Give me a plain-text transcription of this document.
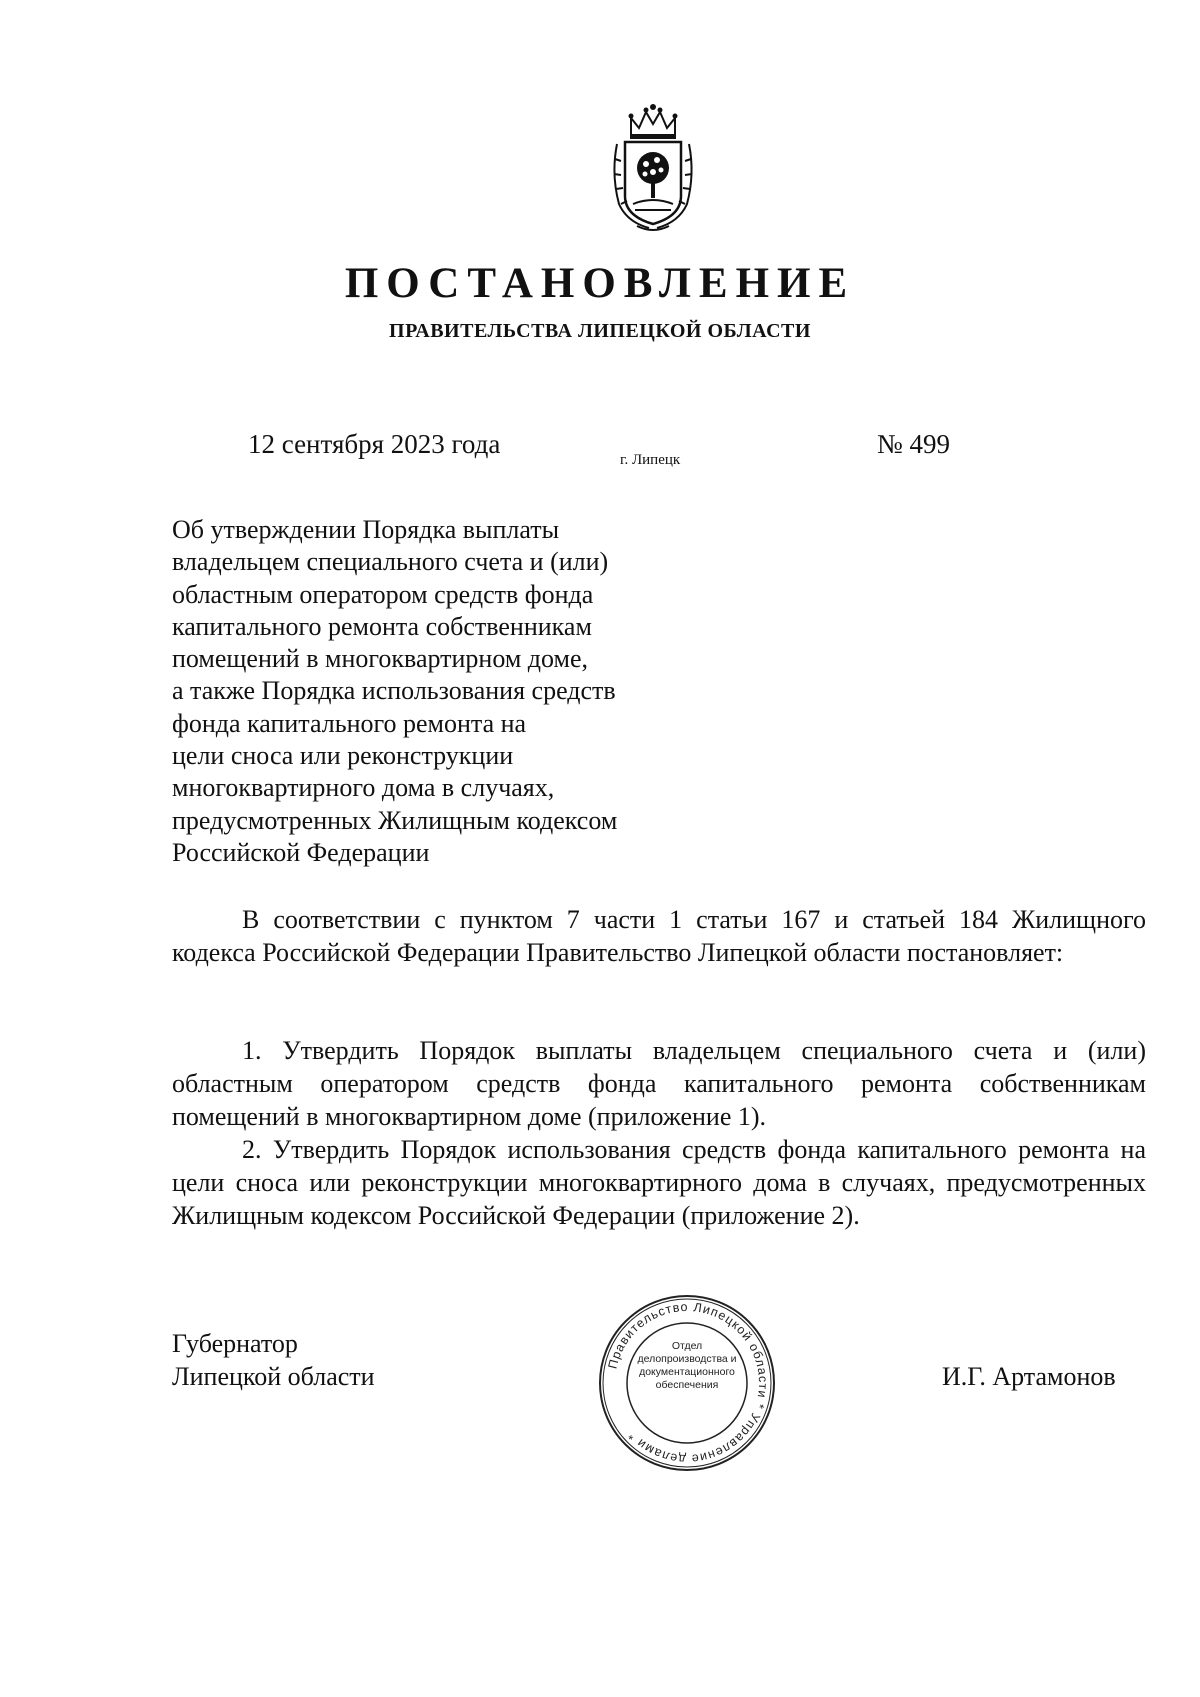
ПОСТАНОВЛЕНИЕ
ПРАВИТЕЛЬСТВА ЛИПЕЦКОЙ ОБЛАСТИ
12 сентября 2023 года
г. Липецк
№ 499
Об утверждении Порядка выплаты
владельцем специального счета и (или)
областным оператором средств фонда
капитального ремонта собственникам
помещений в многоквартирном доме,
а также Порядка использования средств
фонда капитального ремонта на
цели сноса или реконструкции
многоквартирного дома в случаях,
предусмотренных Жилищным кодексом
Российской Федерации

В соответствии с пунктом 7 части 1 статьи 167 и статьей 184 Жилищного кодекса Российской Федерации Правительство Липецкой области постановляет:

1. Утвердить Порядок выплаты владельцем специального счета и (или) областным оператором средств фонда капитального ремонта собственникам помещений в многоквартирном доме (приложение 1).

2. Утвердить Порядок использования средств фонда капитального ремонта на цели сноса или реконструкции многоквартирного дома в случаях, предусмотренных Жилищным кодексом Российской Федерации (приложение 2).

Губернатор
Липецкой области	И.Г. Артамонов
Правительство Липецкой области * Управление делами *
Отдел
делопроизводства и
документационного
обеспечения
